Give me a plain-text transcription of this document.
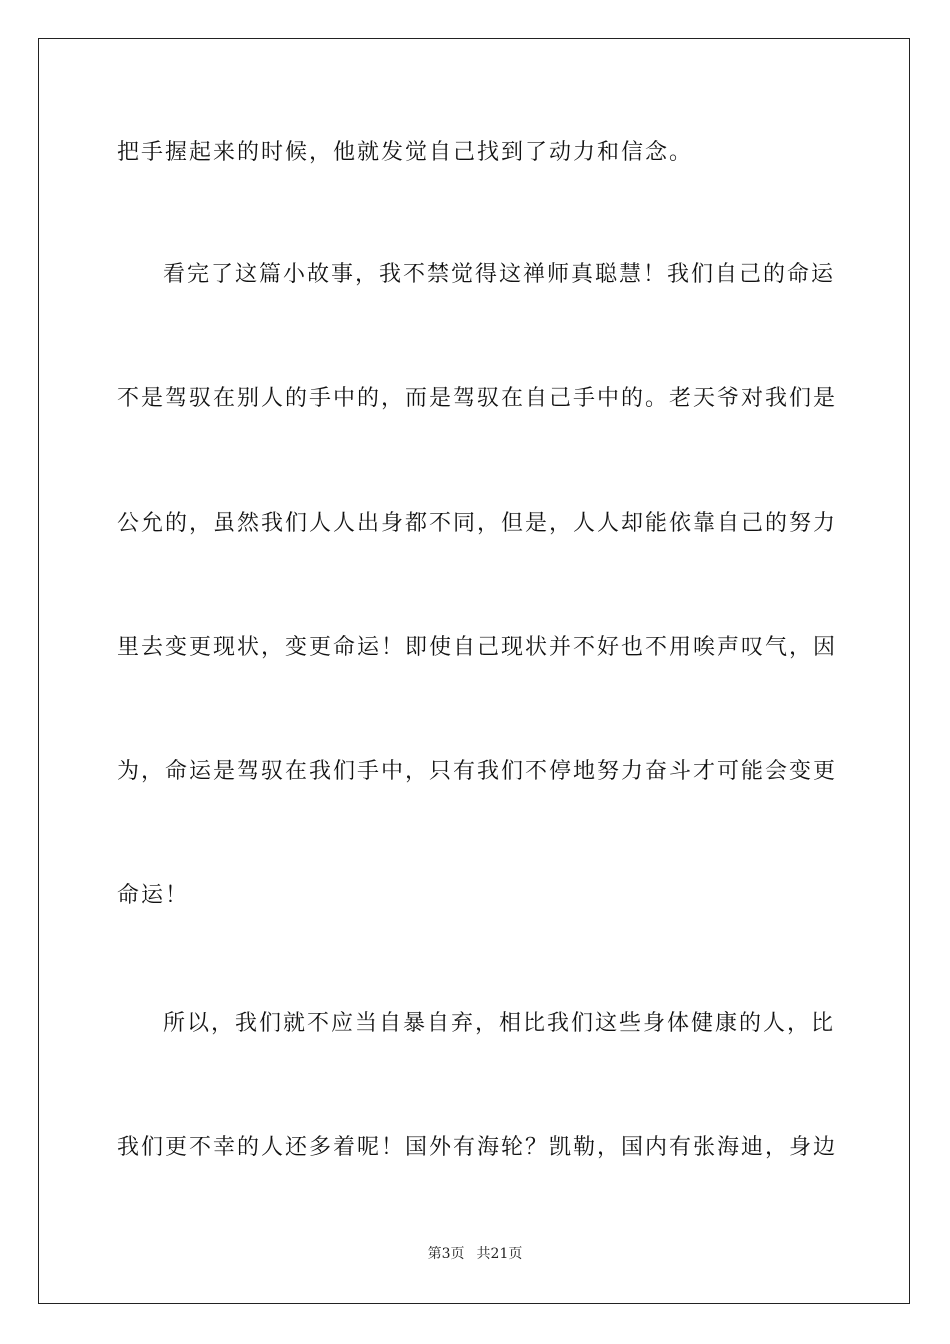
把手握起来的时候，他就发觉自己找到了动力和信念。
看完了这篇小故事，我不禁觉得这禅师真聪慧！我们自己的命运
不是驾驭在别人的手中的，而是驾驭在自己手中的。老天爷对我们是
公允的，虽然我们人人出身都不同，但是，人人却能依靠自己的努力
里去变更现状，变更命运！即使自己现状并不好也不用唉声叹气，因
为，命运是驾驭在我们手中，只有我们不停地努力奋斗才可能会变更
命运！
所以，我们就不应当自暴自弃，相比我们这些身体健康的人，比
我们更不幸的人还多着呢！国外有海轮？凯勒，国内有张海迪，身边
第3页 共21页
